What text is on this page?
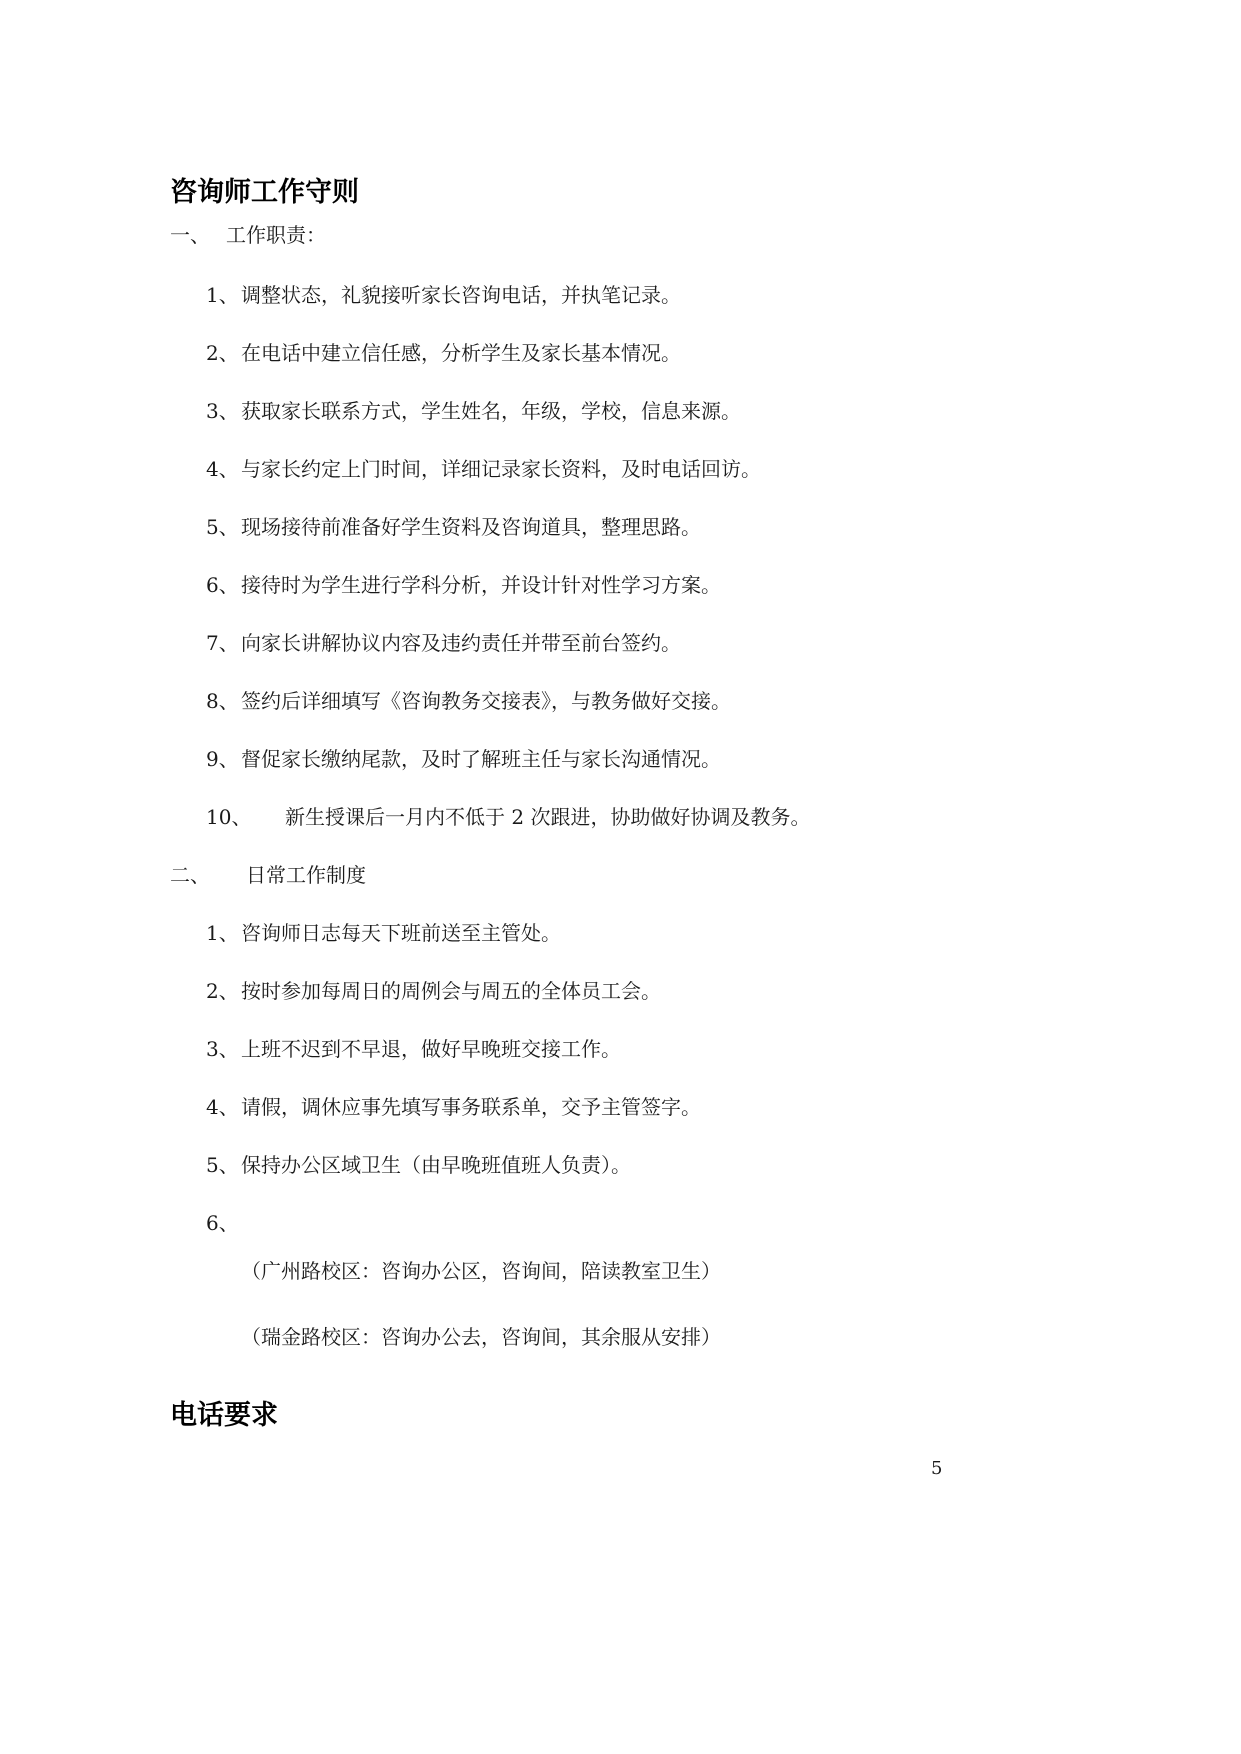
咨询师工作守则
一、 工作职责：
1、 调整状态，礼貌接听家长咨询电话，并执笔记录。
2、 在电话中建立信任感，分析学生及家长基本情况。
3、 获取家长联系方式，学生姓名，年级，学校，信息来源。
4、 与家长约定上门时间，详细记录家长资料，及时电话回访。
5、 现场接待前准备好学生资料及咨询道具，整理思路。
6、 接待时为学生进行学科分析，并设计针对性学习方案。
7、 向家长讲解协议内容及违约责任并带至前台签约。
8、 签约后详细填写《咨询教务交接表》，与教务做好交接。
9、 督促家长缴纳尾款，及时了解班主任与家长沟通情况。
10、 新生授课后一月内不低于 2 次跟进，协助做好协调及教务。
二、 日常工作制度
1、 咨询师日志每天下班前送至主管处。
2、 按时参加每周日的周例会与周五的全体员工会。
3、 上班不迟到不早退，做好早晚班交接工作。
4、 请假，调休应事先填写事务联系单，交予主管签字。
5、 保持办公区域卫生（由早晚班值班人负责）。
6、
（广州路校区：咨询办公区，咨询间，陪读教室卫生）
（瑞金路校区：咨询办公去，咨询间，其余服从安排）
电话要求
5
